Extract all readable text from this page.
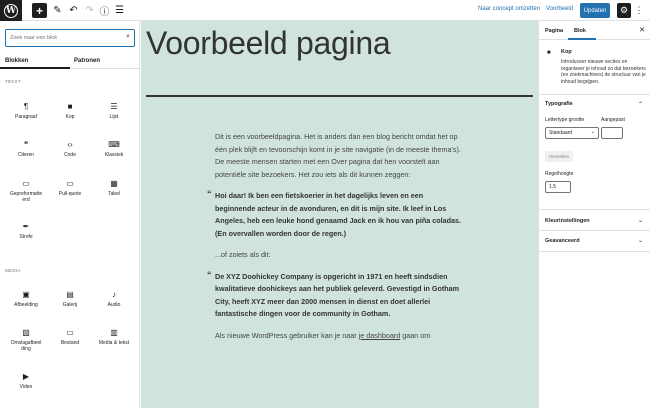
W	+	✎ ↶ ↷ ⓘ ☰	Naar concept omzetten Voorbeeld	Updaten	⚙ ⋮
Zoek naar een blok
⌕
Blokken	Patronen
TEKST
¶
Paragraaf
■
Kop
☰
Lijst
❝
Citeren
‹›
Code
⌨
Klassiek
▭
Gepreformatte
erd
▭
Pull-quote
▦
Tabel
✒
Strofe
MEDIA
▣
Afbeelding
▤
Galerij
♪
Audio
▨
Omslagafbeel
ding
▭
Bestand
▥
Media & tekst
▶
Video
Voorbeeld pagina

Dit is een voorbeeldpagina. Het is anders dan een blog bericht omdat het op één plek blijft en tevoorschijn komt in je site navigatie (in de meeste thema's). De meeste mensen starten met een Over pagina dat hen voorstelt aan potentiële site bezoekers. Het zou iets als dit kunnen zeggen:

“ Hoi daar! Ik ben een fietskoerier in het dagelijks leven en een beginnende acteur in de avonduren, en dit is mijn site. Ik leef in Los Angeles, heb een leuke hond genaamd Jack en ik hou van piña coladas. (En overvallen worden door de regen.)

...of zoiets als dit:

“ De XYZ Doohickey Company is opgericht in 1971 en heeft sindsdien kwalitatieve doohickeys aan het publiek geleverd. Gevestigd in Gotham City, heeft XYZ meer dan 2000 mensen in dienst en doet allerlei fantastische dingen voor de community in Gotham.

Als nieuwe WordPress gebruiker kan je naar je dashboard gaan om

Pagina Blok	✕
■ Kop
Introduceer nieuwe secties en organiseer je inhoud zo dat bezoekers (en zoekmachines) de structuur van je inhoud begrijpen.
Typografie	⌃
Lettertype grootte	Aangepast
Standaard	⌄
Herstellen
Regelhoogte
1.5
Kleurinstellingen	⌄
Geavanceerd	⌄
